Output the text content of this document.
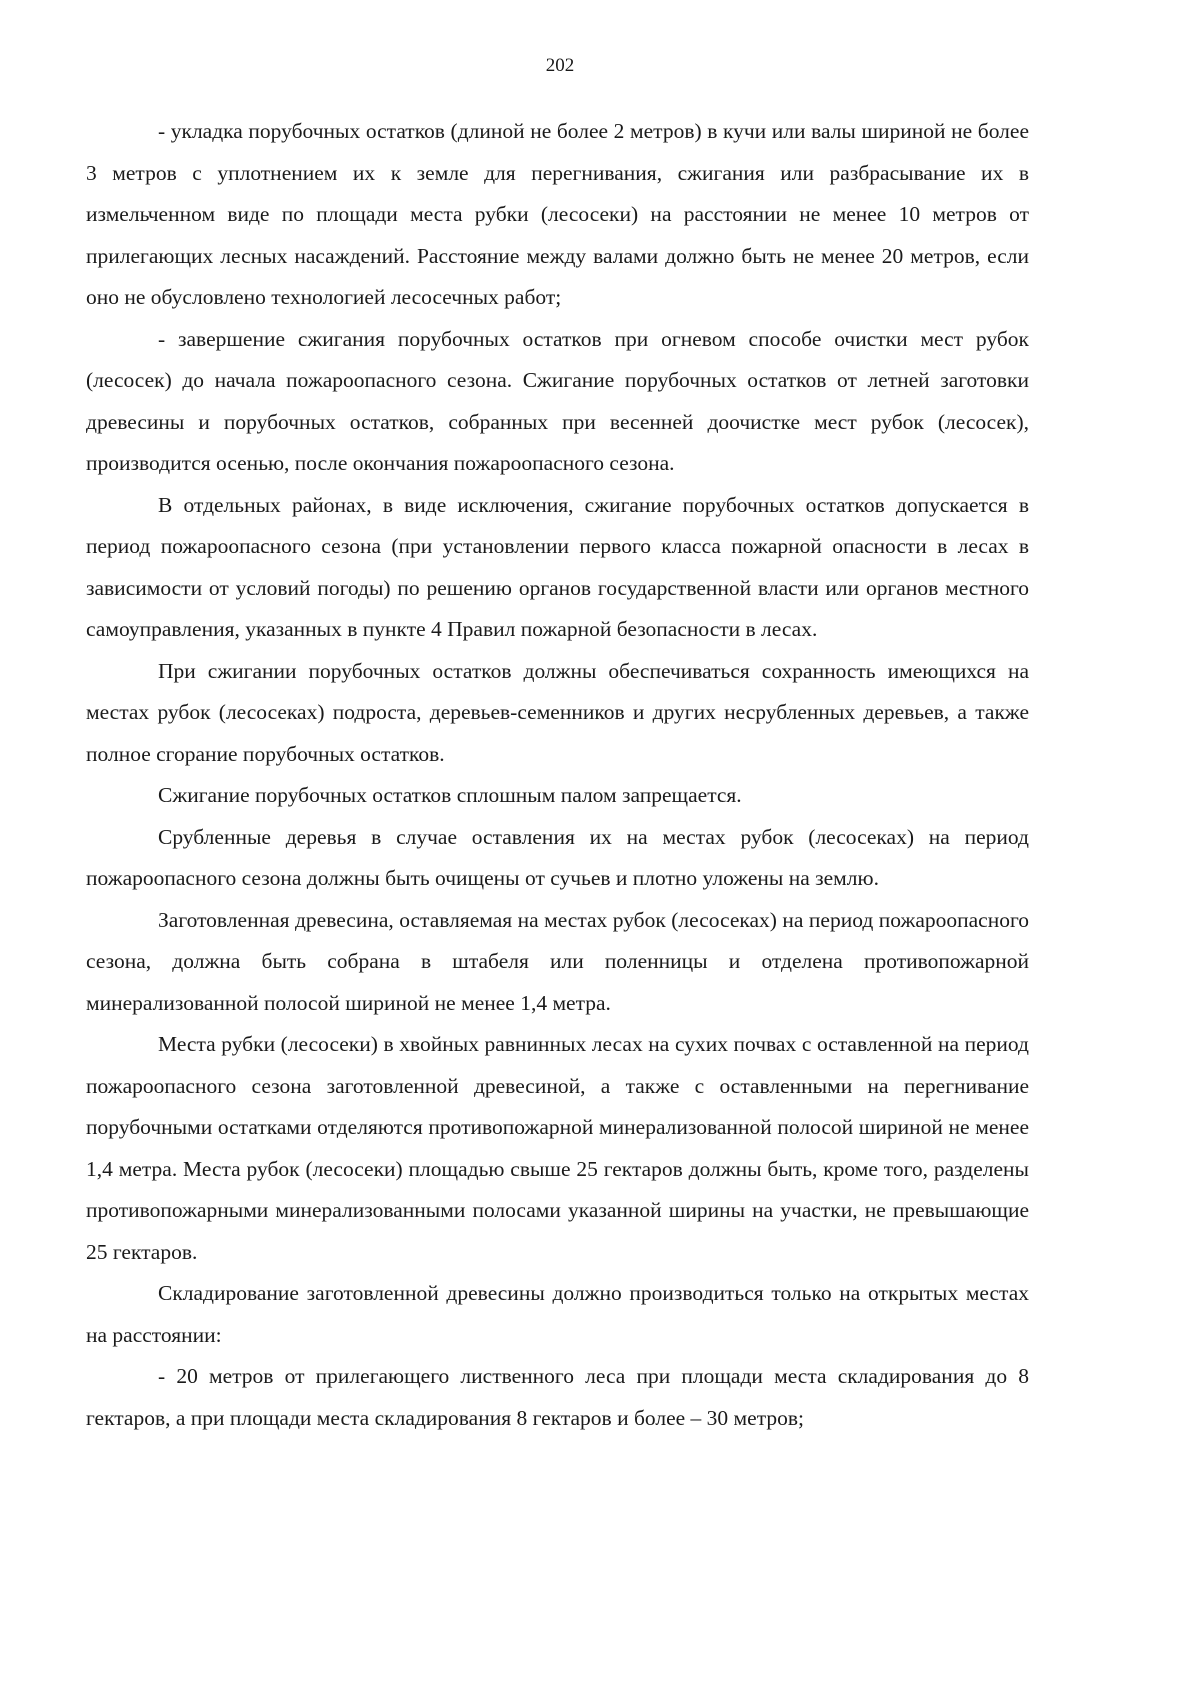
202

- укладка порубочных остатков (длиной не более 2 метров) в кучи или валы шириной не более 3 метров с уплотнением их к земле для перегнивания, сжигания или разбрасывание их в измельченном виде по площади места рубки (лесосеки) на расстоянии не менее 10 метров от прилегающих лесных насаждений. Расстояние между валами должно быть не менее 20 метров, если оно не обусловлено технологией лесосечных работ;

- завершение сжигания порубочных остатков при огневом способе очистки мест рубок (лесосек) до начала пожароопасного сезона. Сжигание порубочных остатков от летней заготовки древесины и порубочных остатков, собранных при весенней доочистке мест рубок (лесосек), производится осенью, после окончания пожароопасного сезона.

В отдельных районах, в виде исключения, сжигание порубочных остатков допускается в период пожароопасного сезона (при установлении первого класса пожарной опасности в лесах в зависимости от условий погоды) по решению органов государственной власти или органов местного самоуправления, указанных в пункте 4 Правил пожарной безопасности в лесах.

При сжигании порубочных остатков должны обеспечиваться сохранность имеющихся на местах рубок (лесосеках) подроста, деревьев-семенников и других несрубленных деревьев, а также полное сгорание порубочных остатков.

Сжигание порубочных остатков сплошным палом запрещается.

Срубленные деревья в случае оставления их на местах рубок (лесосеках) на период пожароопасного сезона должны быть очищены от сучьев и плотно уложены на землю.

Заготовленная древесина, оставляемая на местах рубок (лесосеках) на период пожароопасного сезона, должна быть собрана в штабеля или поленницы и отделена противопожарной минерализованной полосой шириной не менее 1,4 метра.

Места рубки (лесосеки) в хвойных равнинных лесах на сухих почвах с оставленной на период пожароопасного сезона заготовленной древесиной, а также с оставленными на перегнивание порубочными остатками отделяются противопожарной минерализованной полосой шириной не менее 1,4 метра. Места рубок (лесосеки) площадью свыше 25 гектаров должны быть, кроме того, разделены противопожарными минерализованными полосами указанной ширины на участки, не превышающие 25 гектаров.

Складирование заготовленной древесины должно производиться только на открытых местах на расстоянии:

- 20 метров от прилегающего лиственного леса при площади места складирования до 8 гектаров, а при площади места складирования 8 гектаров и более – 30 метров;
